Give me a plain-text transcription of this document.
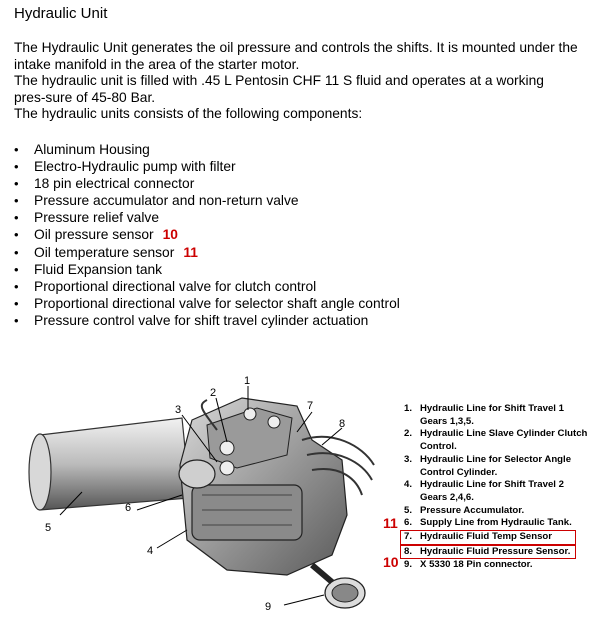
Hydraulic Unit

The Hydraulic Unit generates the oil pressure and controls the shifts. It is mounted under the intake manifold in the area of the starter motor.

The hydraulic unit is filled with .45 L Pentosin CHF 11 S fluid and operates at a working pres-sure of 45-80 Bar.

The hydraulic units consists of the following components:

• Aluminum Housing
• Electro-Hydraulic pump with filter
• 18 pin electrical connector
• Pressure accumulator and non-return valve
• Pressure relief valve
• Oil pressure sensor 10
• Oil temperature sensor 11
• Fluid Expansion tank
• Proportional directional valve for clutch control
• Proportional directional valve for selector shaft angle control
• Pressure control valve for shift travel cylinder actuation
1
2
3
4
5
6
7
8
9
1. Hydraulic Line for Shift Travel 1 Gears 1,3,5.
2. Hydraulic Line Slave Cylinder Clutch Control.
3. Hydraulic Line for Selector Angle Control Cylinder.
4. Hydraulic Line for Shift Travel 2 Gears 2,4,6.
5. Pressure Accumulator.
6. Supply Line from Hydraulic Tank.
7. Hydraulic Fluid Temp Sensor
8. Hydraulic Fluid Pressure Sensor.
9. X 5330 18 Pin connector.
11
10
